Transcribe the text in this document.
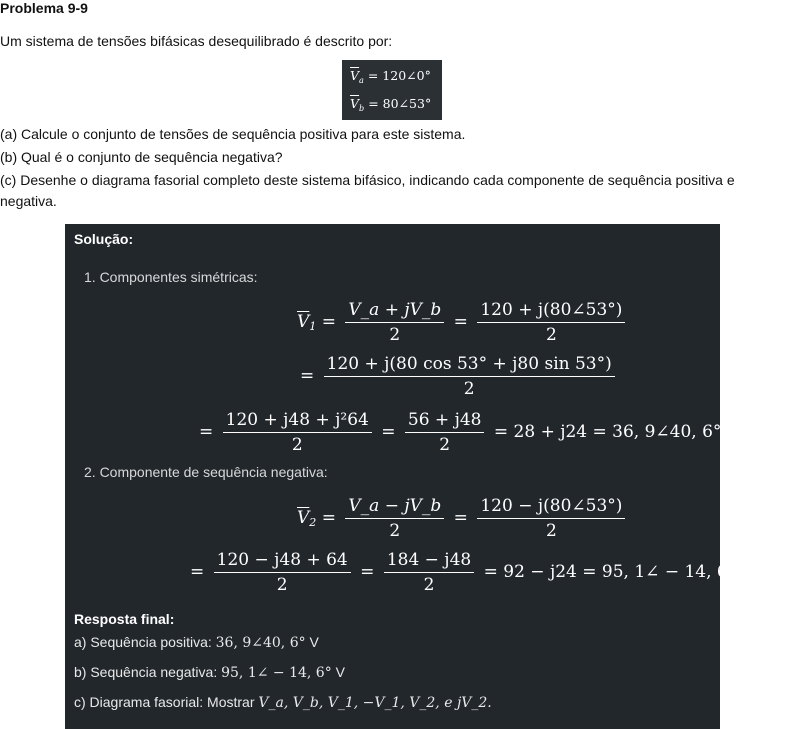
Problema 9-9
Um sistema de tensões bifásicas desequilibrado é descrito por:
$\overline{V}_a$ = 120∠0°
$\overline{V}_b$ = 80∠53°
(a) Calcule o conjunto de tensões de sequência positiva para este sistema.
(b) Qual é o conjunto de sequência negativa?
(c) Desenhe o diagrama fasorial completo deste sistema bifásico, indicando cada componente de sequência positiva e
negativa.
Solução:
1. Componentes simétricas:
$\overline{V}_1 = \frac{V\_a + jV\_b}{2} = \frac{120 + j(80\angle 53^\circ)}{2}$
= $\frac{120 + j(80 \cos 53^\circ + j80 \sin 53^\circ)}{2}$
= $\frac{\text{120 + j48 + j²64}}{2} = \frac{56 + j48}{2} = 28 + j24 = 36$, 9∠40, 6° V
2. Componente de sequência negativa:
$\overline{V}_2 = \frac{V\_a - jV\_b}{2} = \frac{120 - j(80\angle 53^\circ)}{2}$
= $\frac{120 - j48 + 64}{2} = \frac{184 - j48}{2} = 92 - j24 = 95$, 1∠ − 14, 6° V
Resposta final:
a) Sequência positiva: 36, 9∠40, 6° V
b) Sequência negativa: 95, 1∠ − 14, 6° V
c) Diagrama fasorial: Mostrar V_a, V_b, V_1, −V_1, V_2, e jV_2.
